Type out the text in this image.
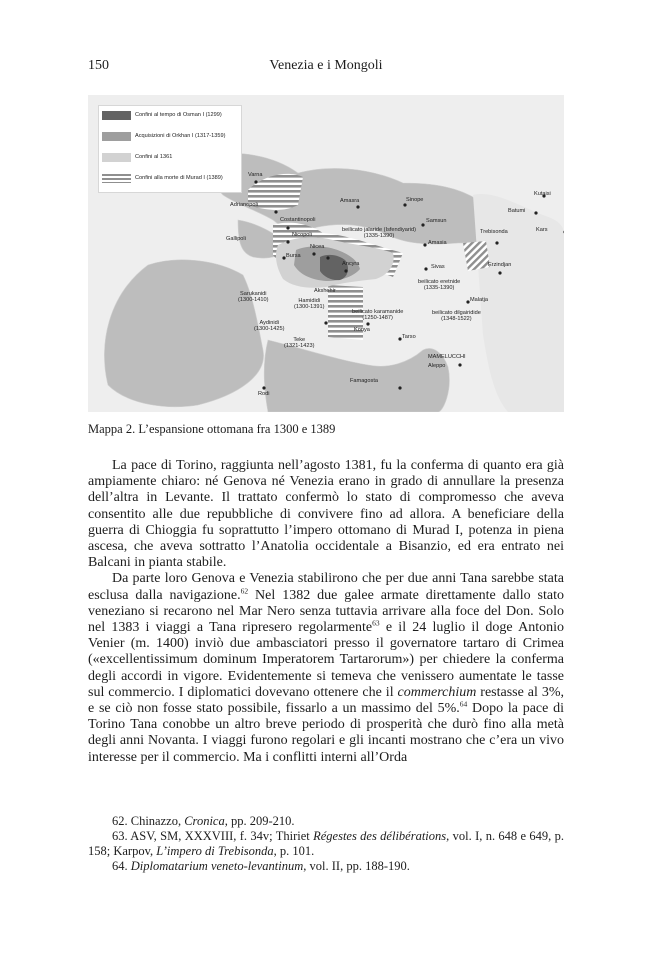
150	Venezia e i Mongoli
Confini al tempo di Osman I (1299)
Acquisizioni di Orkhan I (1317-1359)
Confini al 1361
Confini alla morte di Murad I (1389)	Varna
Adrianopoli
Costantinopoli
Nicopoli
Gallipoli
Bursa
Nicea
Ancyra
Amasra	Sinope
Samsun
Amasia
beilicato jalaride (Isfendiyarid)
(1335-1390)
Trebisonda
Batumi
Kutaisi
Kars
Erzindjan
Sivas
beilicato eretnide
(1335-1390)
Malatja
beilicato dilgairidide
(1348-1522)
Sarukanidi
(1300-1410)
Akshehir
Hamididi
(1300-1391)
Aydinidi
(1300-1425)
beilicato karamanide
(1250-1487)
Konya
Teke
(1321-1423)
Tarso
MAMELUCCHI
Aleppo
Rodi
Famagosta
Mappa 2. L’espansione ottomana fra 1300 e 1389

La pace di Torino, raggiunta nell’agosto 1381, fu la conferma di quanto era già ampiamente chiaro: né Genova né Venezia erano in grado di annullare la presenza dell’altra in Levante. Il trattato confermò lo stato di compromesso che aveva consentito alle due repubbliche di convivere fino ad allora. A beneficiare della guerra di Chioggia fu soprattutto l’impero ottomano di Murad I, potenza in piena ascesa, che aveva sottratto l’Anatolia occidentale a Bisanzio, ed era entrato nei Balcani in pianta stabile.

Da parte loro Genova e Venezia stabilirono che per due anni Tana sarebbe stata esclusa dalla navigazione.$^{62}$ Nel 1382 due galee armate direttamente dallo stato veneziano si recarono nel Mar Nero senza tuttavia arrivare alla foce del Don. Solo nel 1383 i viaggi a Tana ripresero regolarmente$^{63}$ e il 24 luglio il doge Antonio Venier (m. 1400) inviò due ambasciatori presso il governatore tartaro di Crimea («excellentissimum dominum Imperatorem Tartarorum») per chiedere la conferma degli accordi in vigore. Evidentemente si temeva che venissero aumentate le tasse sul commercio. I diplomatici dovevano ottenere che il commerchium restasse al 3%, e se ciò non fosse stato possibile, fissarlo a un massimo del 5%.$^{64}$ Dopo la pace di Torino Tana conobbe un altro breve periodo di prosperità che durò fino alla metà degli anni Novanta. I viaggi furono regolari e gli incanti mostrano che c’era un vivo interesse per il commercio. Ma i conflitti interni all’Orda

62. Chinazzo, Cronica, pp. 209-210.

63. ASV, SM, XXXVIII, f. 34v; Thiriet Régestes des délibérations, vol. I, n. 648 e 649, p. 158; Karpov, L’impero di Trebisonda, p. 101.

64. Diplomatarium veneto-levantinum, vol. II, pp. 188-190.
